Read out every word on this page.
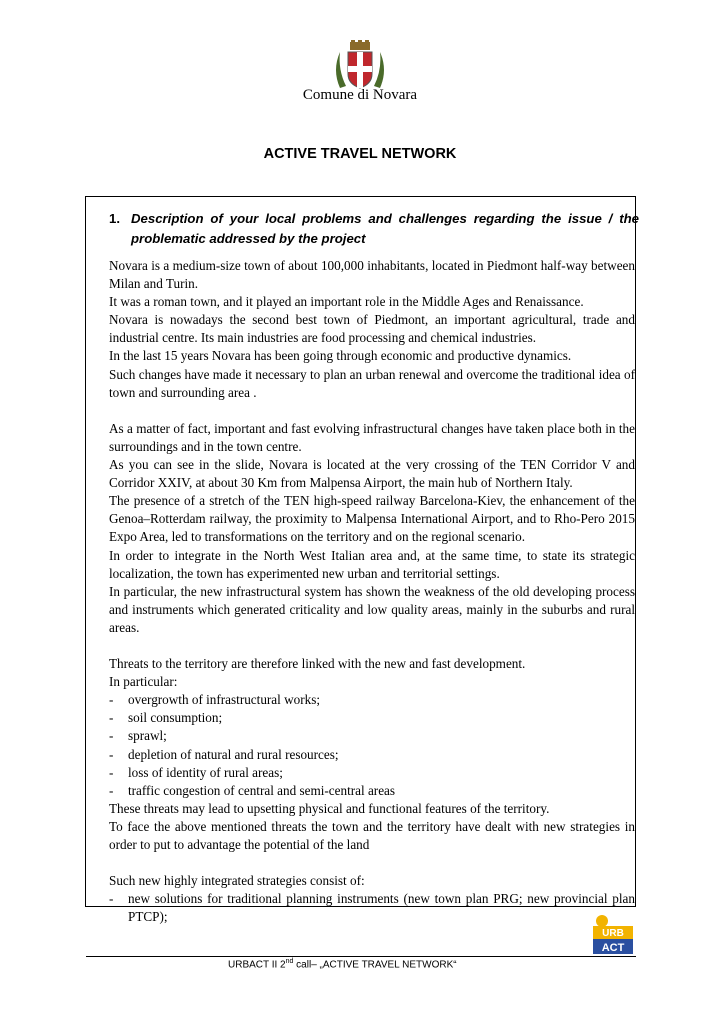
Comune di Novara
ACTIVE TRAVEL NETWORK
1. Description of your local problems and challenges regarding the issue / the problematic addressed by the project

Novara is a medium-size town of about 100,000 inhabitants, located in Piedmont half-way between Milan and Turin.

It was a roman town, and it played an important role in the Middle Ages and Renaissance.

Novara is nowadays the second best town of Piedmont, an important agricultural, trade and industrial centre. Its main industries are food processing and chemical industries.

In the last 15 years Novara has been going through economic and productive dynamics.

Such changes have made it necessary to plan an urban renewal and overcome the traditional idea of town and surrounding area .

As a matter of fact, important and fast evolving infrastructural changes have taken place both in the surroundings and in the town centre.

As you can see in the slide, Novara is located at the very crossing of the TEN Corridor V and Corridor XXIV, at about 30 Km from Malpensa Airport, the main hub of Northern Italy.

The presence of a stretch of the TEN high-speed railway Barcelona-Kiev, the enhancement of the Genoa–Rotterdam railway, the proximity to Malpensa International Airport, and to Rho-Pero 2015 Expo Area, led to transformations on the territory and on the regional scenario.

In order to integrate in the North West Italian area and, at the same time, to state its strategic localization, the town has experimented new urban and territorial settings.

In particular, the new infrastructural system has shown the weakness of the old developing process and instruments which generated criticality and low quality areas, mainly in the suburbs and rural areas.

Threats to the territory are therefore linked with the new and fast development.

In particular:

- overgrowth of infrastructural works;
- soil consumption;
- sprawl;
- depletion of natural and rural resources;
- loss of identity of rural areas;
- traffic congestion of central and semi-central areas

These threats may lead to upsetting physical and functional features of the territory.

To face the above mentioned threats the town and the territory have dealt with new strategies in order to put to advantage the potential of the land

Such new highly integrated strategies consist of:

- new solutions for traditional planning instruments (new town plan PRG; new provincial plan PTCP);
URB
ACT
URBACT II 2nd call– „ACTIVE TRAVEL NETWORK“
